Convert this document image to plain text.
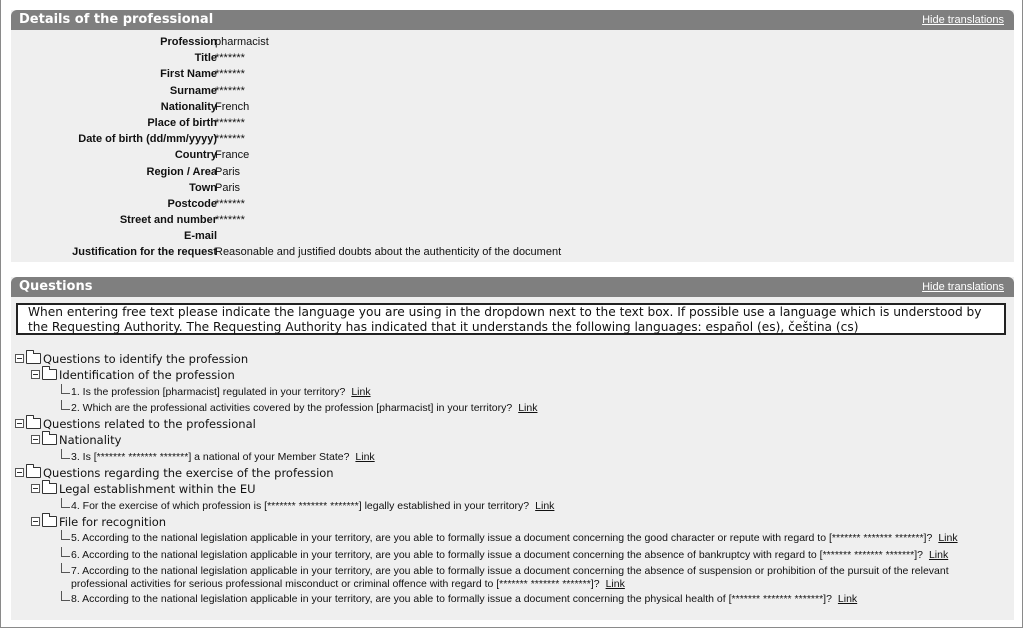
Details of the professional	Hide translations
Profession
pharmacist
Title
*******
First Name
*******
Surname
*******
Nationality
French
Place of birth
*******
Date of birth (dd/mm/yyyy)
*******
Country
France
Region / Area
Paris
Town
Paris
Postcode
*******
Street and number
*******
E-mail
Justification for the request
Reasonable and justified doubts about the authenticity of the document
Questions	Hide translations
When entering free text please indicate the language you are using in the dropdown next to the text box. If possible use a language which is understood by the Requesting Authority. The Requesting Authority has indicated that it understands the following languages: español (es), čeština (cs)
Questions to identify the profession
Identification of the profession
1. Is the profession [pharmacist] regulated in your territory? Link
2. Which are the professional activities covered by the profession [pharmacist] in your territory? Link
Questions related to the professional
Nationality
3. Is [******* ******* *******] a national of your Member State? Link
Questions regarding the exercise of the profession
Legal establishment within the EU
4. For the exercise of which profession is [******* ******* *******] legally established in your territory? Link
File for recognition
5. According to the national legislation applicable in your territory, are you able to formally issue a document concerning the good character or repute with regard to [******* ******* *******]? Link
6. According to the national legislation applicable in your territory, are you able to formally issue a document concerning the absence of bankruptcy with regard to [******* ******* *******]? Link
7. According to the national legislation applicable in your territory, are you able to formally issue a document concerning the absence of suspension or prohibition of the pursuit of the relevant professional activities for serious professional misconduct or criminal offence with regard to [******* ******* *******]? Link
8. According to the national legislation applicable in your territory, are you able to formally issue a document concerning the physical health of [******* ******* *******]? Link
